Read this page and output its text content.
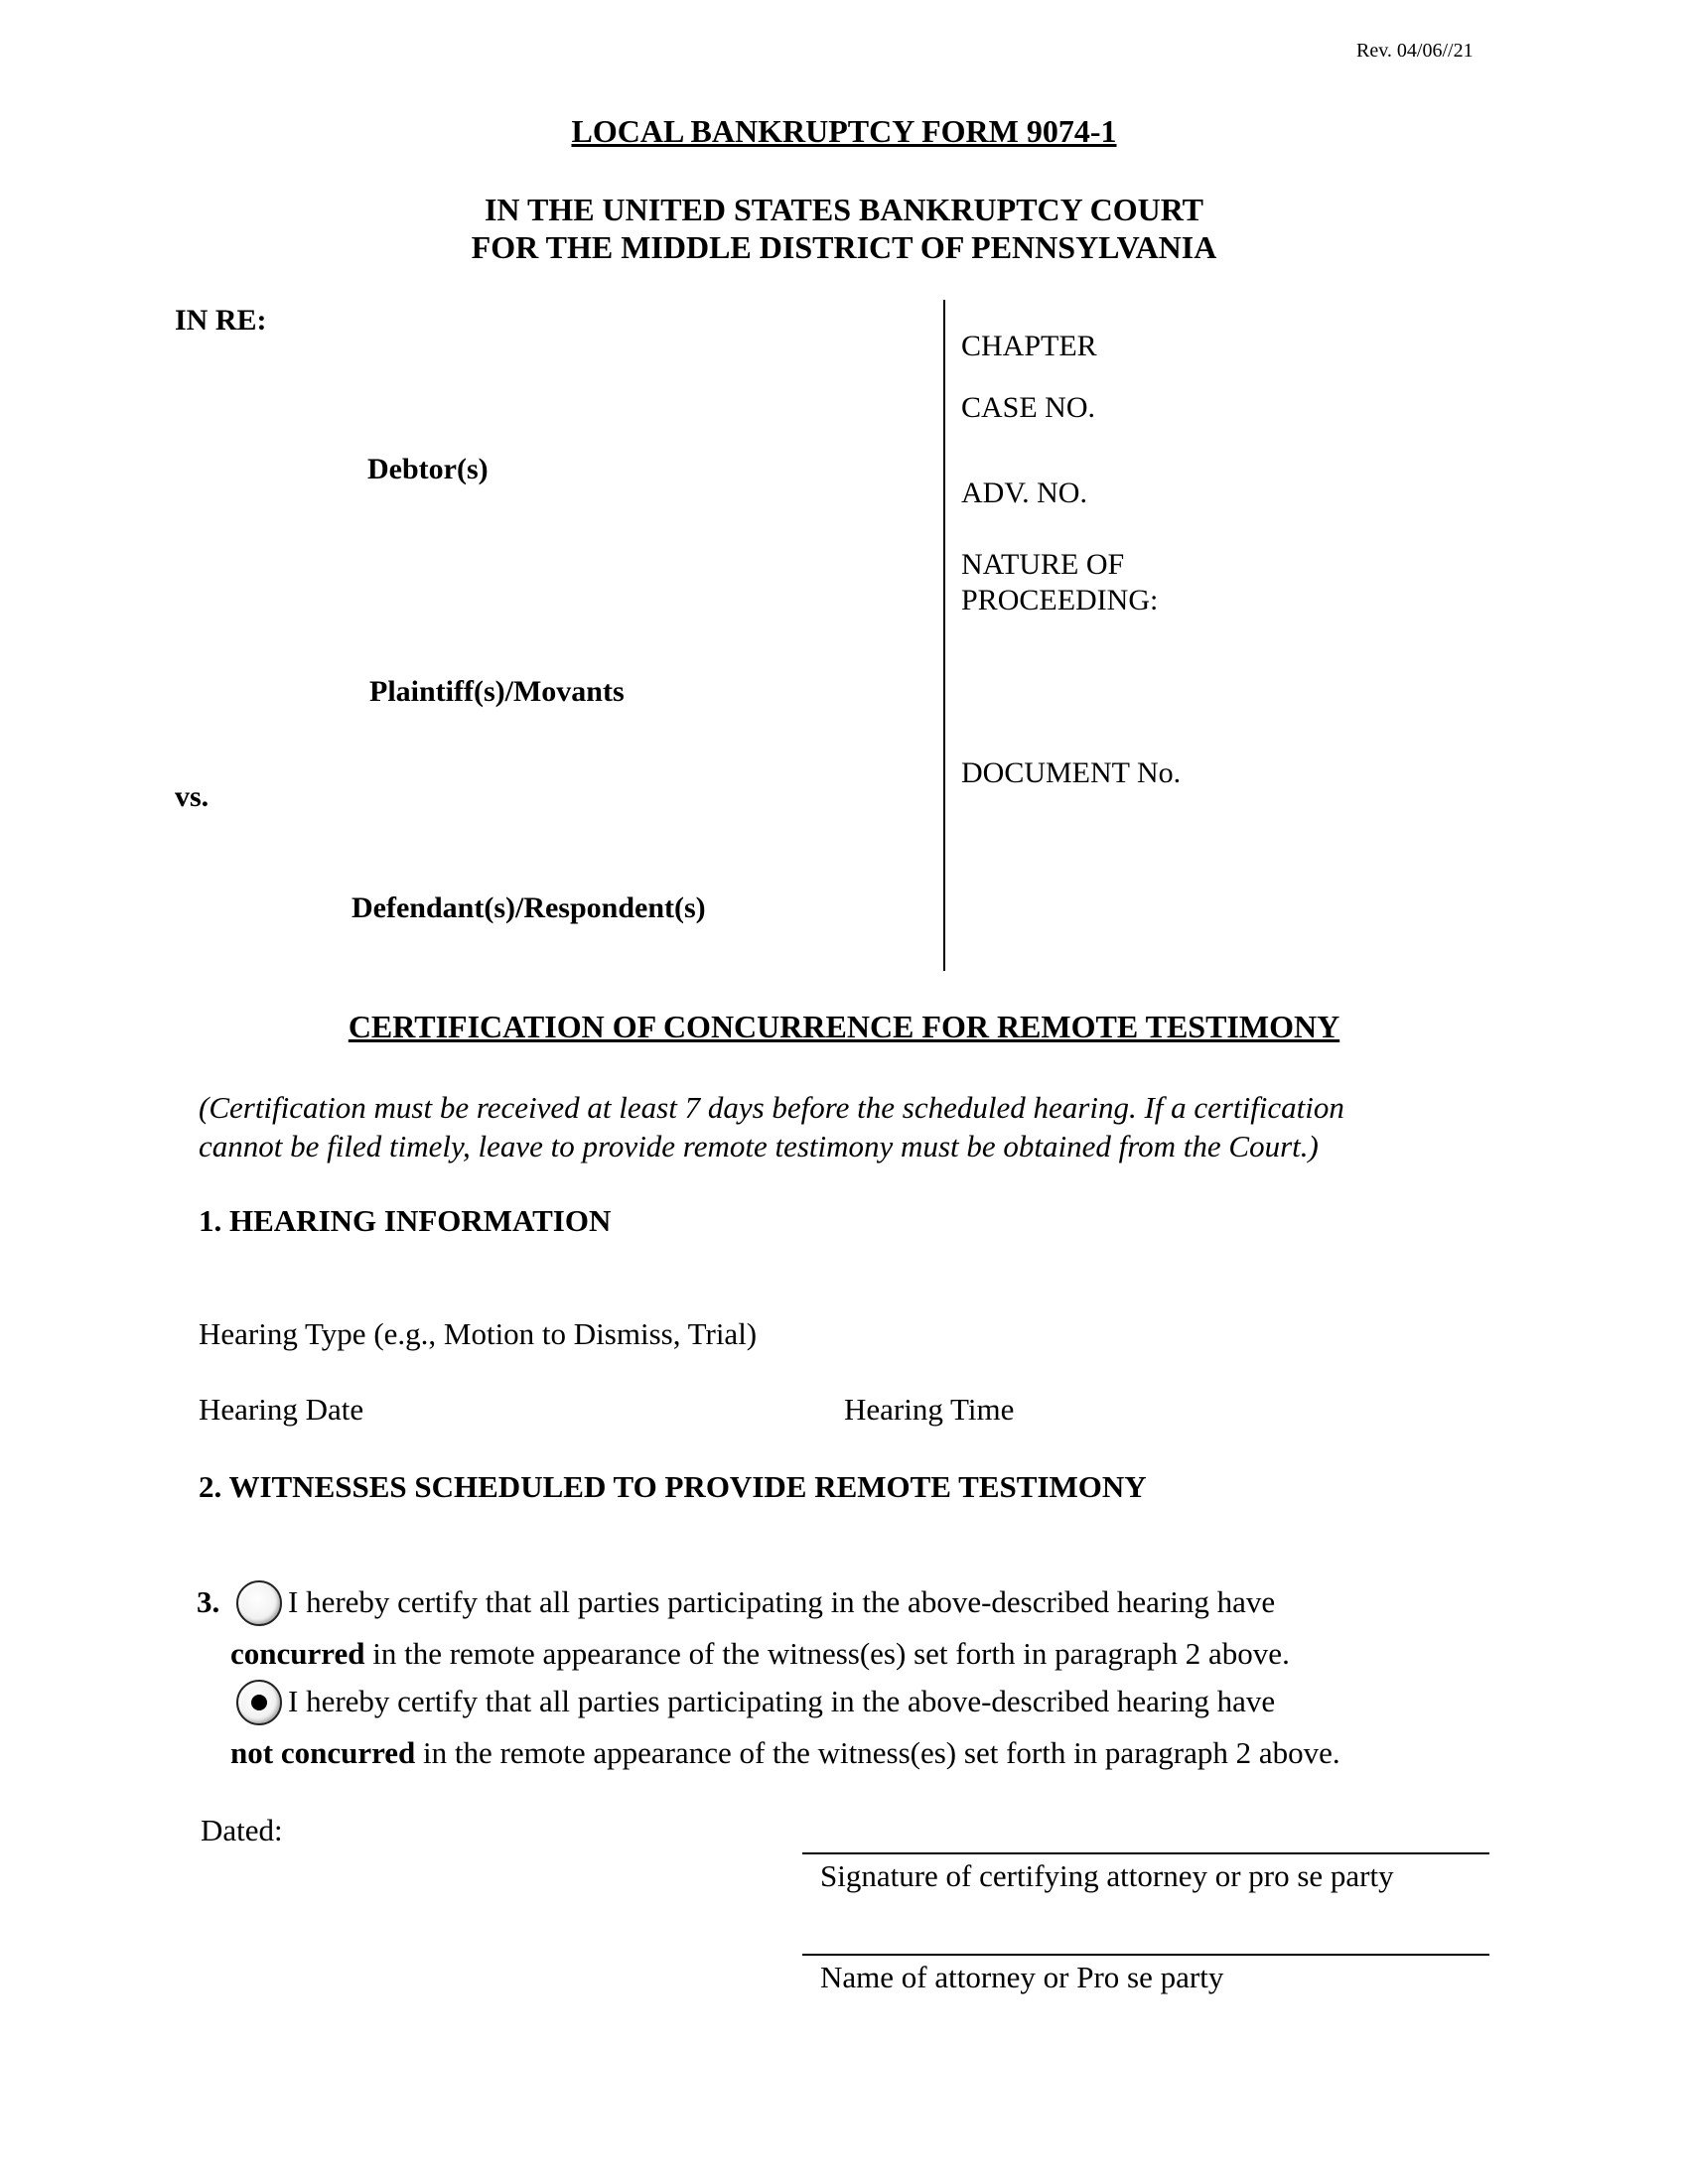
Rev. 04/06//21
LOCAL BANKRUPTCY FORM 9074-1
IN THE UNITED STATES BANKRUPTCY COURT
FOR THE MIDDLE DISTRICT OF PENNSYLVANIA
IN RE:
Debtor(s)
Plaintiff(s)/Movants
vs.
Defendant(s)/Respondent(s)
CHAPTER
CASE NO.
ADV. NO.
NATURE OF
PROCEEDING:
DOCUMENT No.
CERTIFICATION OF CONCURRENCE FOR REMOTE TESTIMONY
(Certification must be received at least 7 days before the scheduled hearing. If a certification
cannot be filed timely, leave to provide remote testimony must be obtained from the Court.)
1. HEARING INFORMATION
Hearing Type (e.g., Motion to Dismiss, Trial)
Hearing Date	Hearing Time
2. WITNESSES SCHEDULED TO PROVIDE REMOTE TESTIMONY
3. I hereby certify that all parties participating in the above-described hearing have
concurred in the remote appearance of the witness(es) set forth in paragraph 2 above.
I hereby certify that all parties participating in the above-described hearing have
not concurred in the remote appearance of the witness(es) set forth in paragraph 2 above.
Dated:
Signature of certifying attorney or pro se party
Name of attorney or Pro se party
